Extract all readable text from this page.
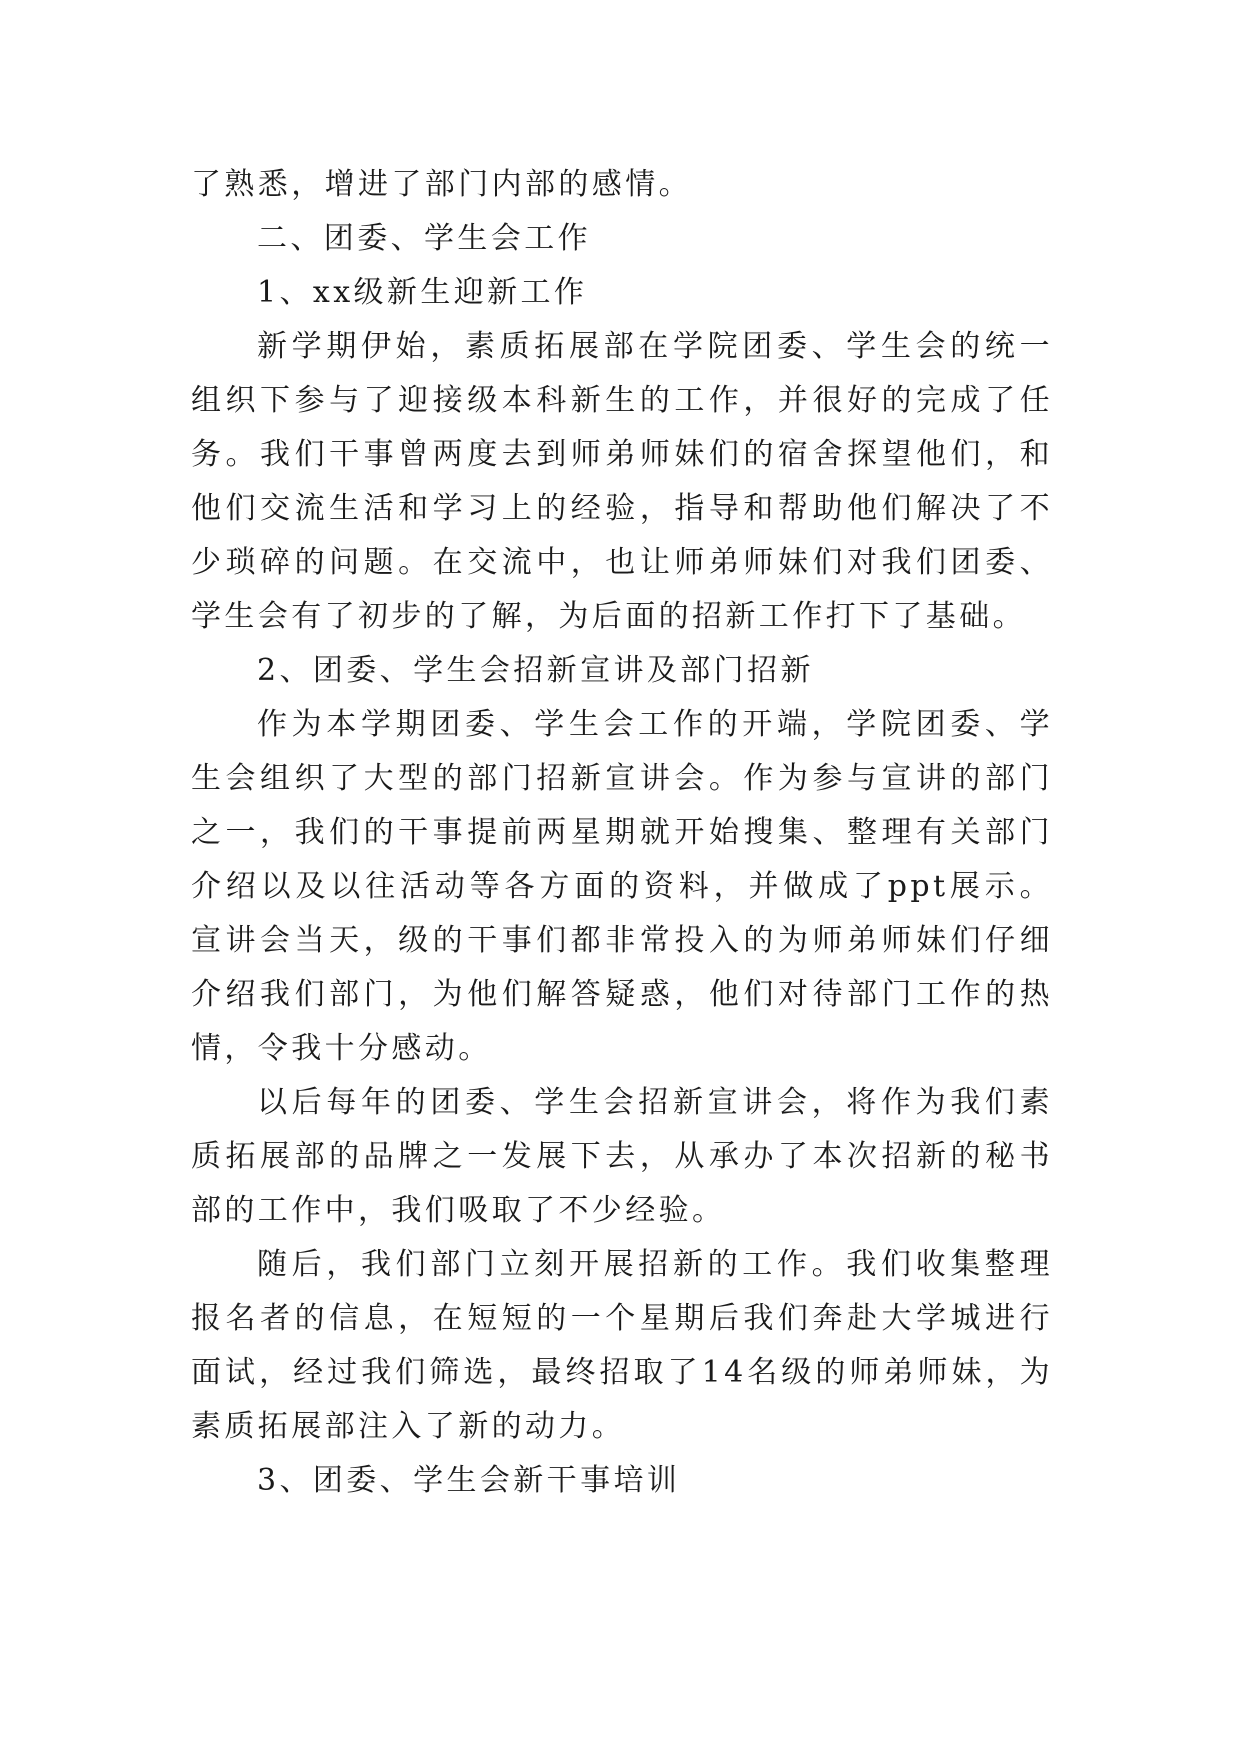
了熟悉，增进了部门内部的感情。

二、团委、学生会工作

1、xx级新生迎新工作

新学期伊始，素质拓展部在学院团委、学生会的统一组织下参与了迎接级本科新生的工作，并很好的完成了任务。我们干事曾两度去到师弟师妹们的宿舍探望他们，和他们交流生活和学习上的经验，指导和帮助他们解决了不少琐碎的问题。在交流中，也让师弟师妹们对我们团委、学生会有了初步的了解，为后面的招新工作打下了基础。

2、团委、学生会招新宣讲及部门招新

作为本学期团委、学生会工作的开端，学院团委、学生会组织了大型的部门招新宣讲会。作为参与宣讲的部门之一，我们的干事提前两星期就开始搜集、整理有关部门介绍以及以往活动等各方面的资料，并做成了ppt展示。宣讲会当天，级的干事们都非常投入的为师弟师妹们仔细介绍我们部门，为他们解答疑惑，他们对待部门工作的热情，令我十分感动。

以后每年的团委、学生会招新宣讲会，将作为我们素质拓展部的品牌之一发展下去，从承办了本次招新的秘书部的工作中，我们吸取了不少经验。

随后，我们部门立刻开展招新的工作。我们收集整理报名者的信息，在短短的一个星期后我们奔赴大学城进行面试，经过我们筛选，最终招取了14名级的师弟师妹，为素质拓展部注入了新的动力。

3、团委、学生会新干事培训
